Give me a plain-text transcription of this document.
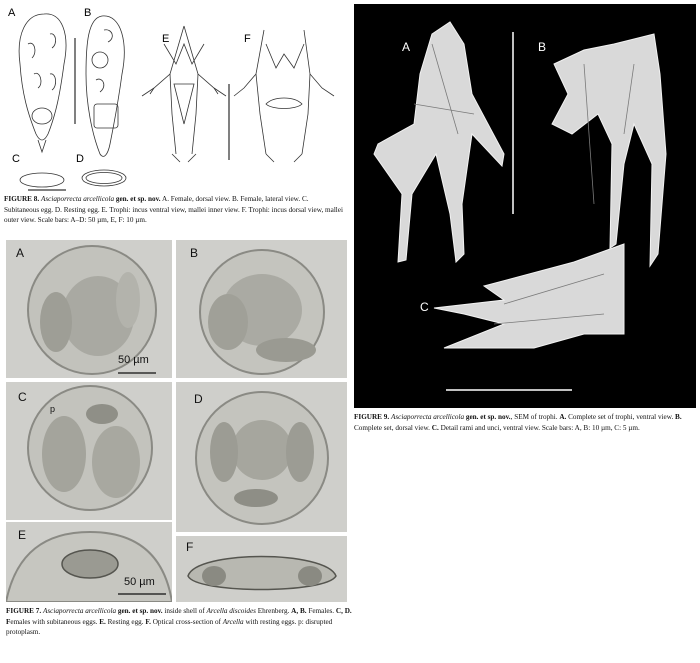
A	B
E	F
C	D
FIGURE 8. Asciaporrecta arcellicola gen. et sp. nov. A. Female, dorsal view. B. Female, lateral view. C. Subitaneous egg. D. Resting egg. E. Trophi: incus ventral view, mallei inner view. F. Trophi: incus dorsal view, mallei outer view. Scale bars: A–D: 50 µm, E, F: 10 µm.
A
50 µm
B
C
p
D
E
50 µm
F
FIGURE 7. Asciaporrecta arcellicola gen. et sp. nov. inside shell of Arcella discoides Ehrenberg. A, B. Females. C, D. Females with subitaneous eggs. E. Resting egg. F. Optical cross-section of Arcella with resting eggs. p: disrupted protoplasm.
A	B
C
FIGURE 9. Asciaporrecta arcellicola gen. et sp. nov., SEM of trophi. A. Complete set of trophi, ventral view. B. Complete set, dorsal view. C. Detail rami and unci, ventral view. Scale bars: A, B: 10 µm, C: 5 µm.
